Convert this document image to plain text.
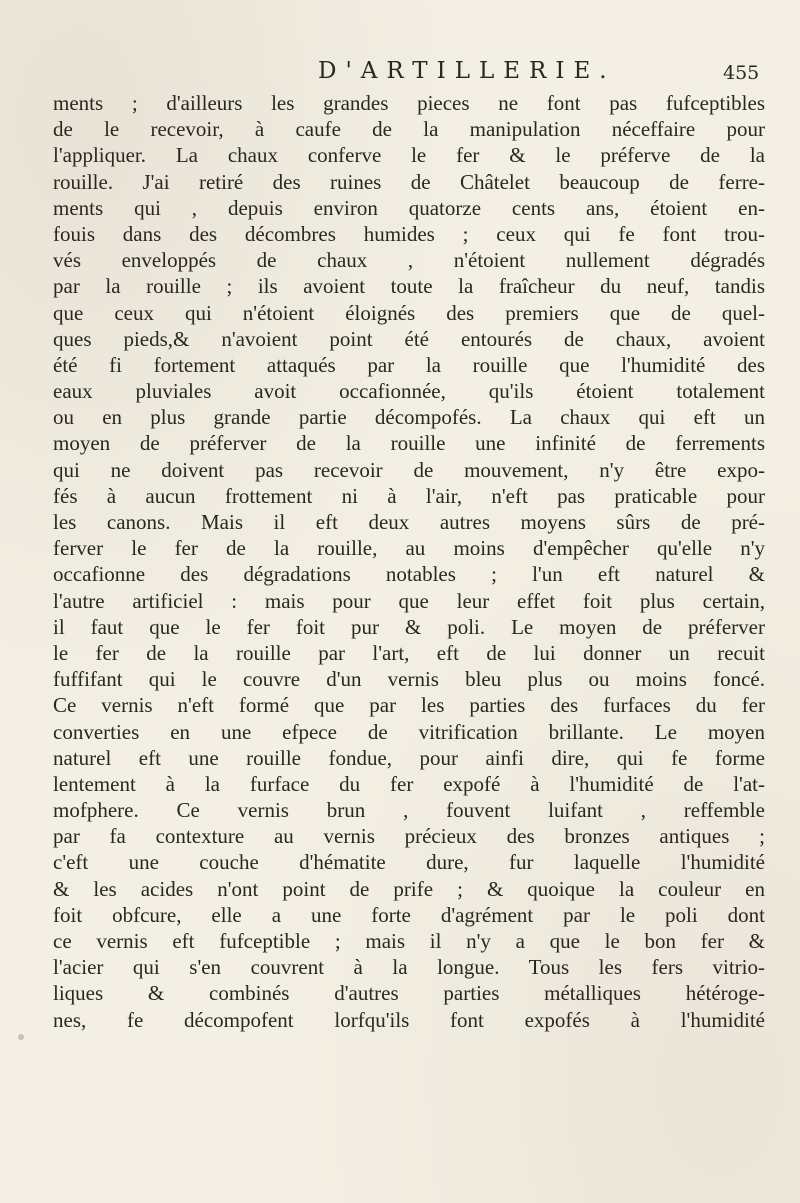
D'ARTILLERIE.	455
ments ; d'ailleurs les grandes pieces ne font pas fufceptibles
de le recevoir, à caufe de la manipulation néceffaire pour
l'appliquer. La chaux conferve le fer & le préferve de la
rouille. J'ai retiré des ruines de Châtelet beaucoup de ferre-
ments qui , depuis environ quatorze cents ans, étoient en-
fouis dans des décombres humides ; ceux qui fe font trou-
vés enveloppés de chaux , n'étoient nullement dégradés
par la rouille ; ils avoient toute la fraîcheur du neuf, tandis
que ceux qui n'étoient éloignés des premiers que de quel-
ques pieds,& n'avoient point été entourés de chaux, avoient
été fi fortement attaqués par la rouille que l'humidité des
eaux pluviales avoit occafionnée, qu'ils étoient totalement
ou en plus grande partie décompofés. La chaux qui eft un
moyen de préferver de la rouille une infinité de ferrements
qui ne doivent pas recevoir de mouvement, n'y être expo-
fés à aucun frottement ni à l'air, n'eft pas praticable pour
les canons. Mais il eft deux autres moyens sûrs de pré-
ferver le fer de la rouille, au moins d'empêcher qu'elle n'y
occafionne des dégradations notables ; l'un eft naturel &
l'autre artificiel : mais pour que leur effet foit plus certain,
il faut que le fer foit pur & poli. Le moyen de préferver
le fer de la rouille par l'art, eft de lui donner un recuit
fuffifant qui le couvre d'un vernis bleu plus ou moins foncé.
Ce vernis n'eft formé que par les parties des furfaces du fer
converties en une efpece de vitrification brillante. Le moyen
naturel eft une rouille fondue, pour ainfi dire, qui fe forme
lentement à la furface du fer expofé à l'humidité de l'at-
mofphere. Ce vernis brun , fouvent luifant , reffemble
par fa contexture au vernis précieux des bronzes antiques ;
c'eft une couche d'hématite dure, fur laquelle l'humidité
& les acides n'ont point de prife ; & quoique la couleur en
foit obfcure, elle a une forte d'agrément par le poli dont
ce vernis eft fufceptible ; mais il n'y a que le bon fer &
l'acier qui s'en couvrent à la longue. Tous les fers vitrio-
liques & combinés d'autres parties métalliques hétéroge-
nes, fe décompofent lorfqu'ils font expofés à l'humidité
